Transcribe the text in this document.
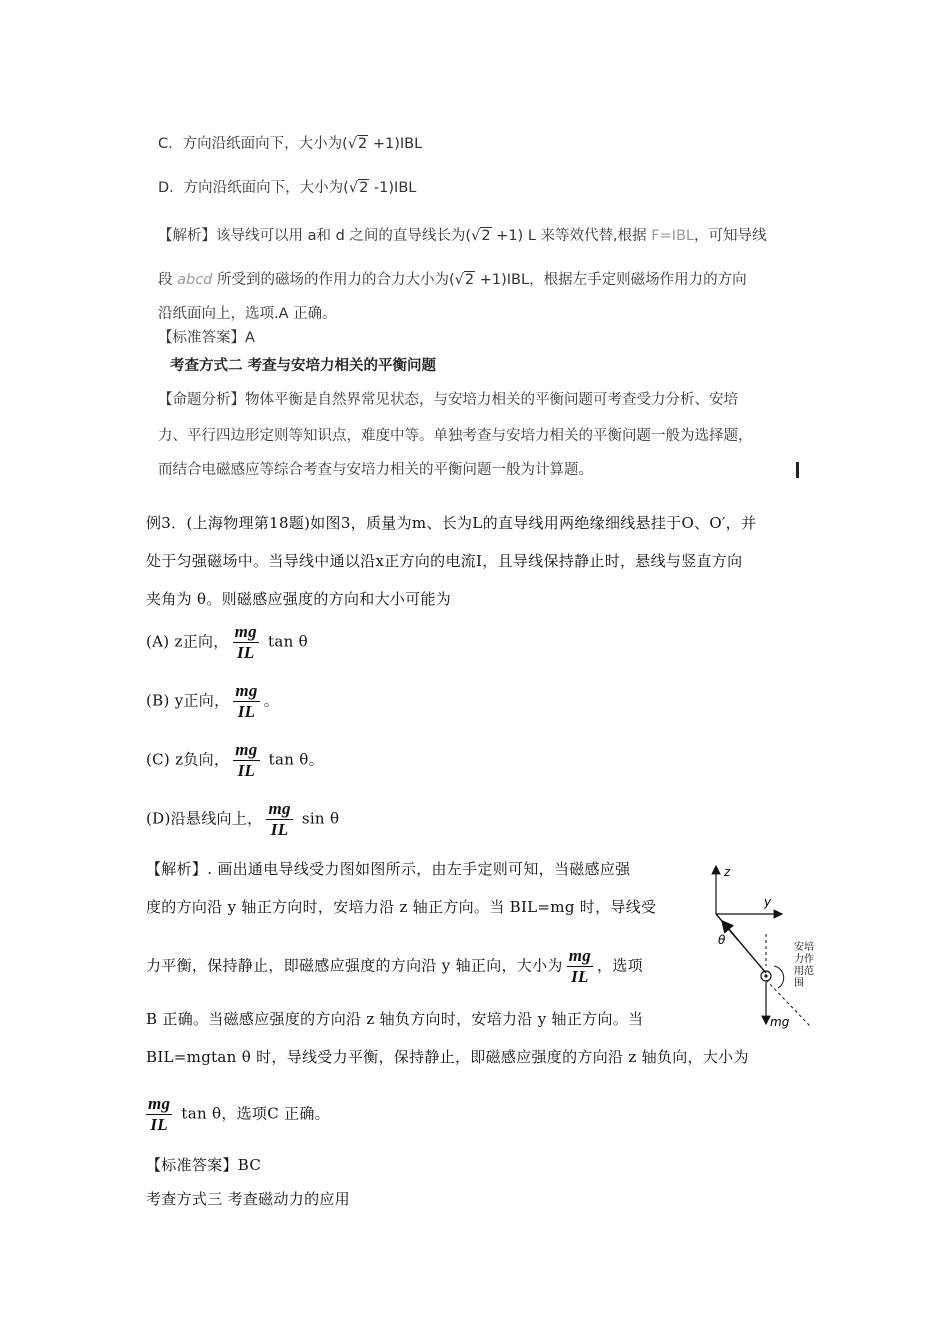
C．方向沿纸面向下，大小为(√2 +1)IBL
D．方向沿纸面向下，大小为(√2 -1)IBL
【解析】该导线可以用 a和 d 之间的直导线长为(√2 +1) L 来等效代替,根据 F=IBL，可知导线
段 abcd 所受到的磁场的作用力的合力大小为(√2 +1)IBL，根据左手定则磁场作用力的方向
沿纸面向上，选项.A 正确。
【标准答案】A
考查方式二 考查与安培力相关的平衡问题
【命题分析】物体平衡是自然界常见状态，与安培力相关的平衡问题可考查受力分析、安培
力、平行四边形定则等知识点，难度中等。单独考查与安培力相关的平衡问题一般为选择题，
而结合电磁感应等综合考查与安培力相关的平衡问题一般为计算题。
例3．(上海物理第18题)如图3，质量为m、长为L的直导线用两绝缘细线悬挂于O、O′，并
处于匀强磁场中。当导线中通以沿x正方向的电流I，且导线保持静止时，悬线与竖直方向
夹角为 θ。则磁感应强度的方向和大小可能为
(A) z正向， $\frac{mg}{IL}$ tan θ
(B) y正向， $\frac{mg}{IL}$ 。
(C) z负向， $\frac{mg}{IL}$ tan θ。
(D)沿悬线向上， $\frac{mg}{IL}$ sin θ
【解析】. 画出通电导线受力图如图所示，由左手定则可知，当磁感应强
度的方向沿 y 轴正方向时，安培力沿 z 轴正方向。当 BIL=mg 时，导线受
力平衡，保持静止，即磁感应强度的方向沿 y 轴正向，大小为 $\frac{mg}{IL}$ ，选项
B 正确。当磁感应强度的方向沿 z 轴负方向时，安培力沿 y 轴正方向。当
BIL=mgtan θ 时，导线受力平衡，保持静止，即磁感应强度的方向沿 z 轴负向，大小为
$\frac{mg}{IL}$ tan θ，选项C 正确。
【标准答案】BC
考查方式三 考查磁动力的应用
z
y
θ
mg
安培
力作
用范
围
